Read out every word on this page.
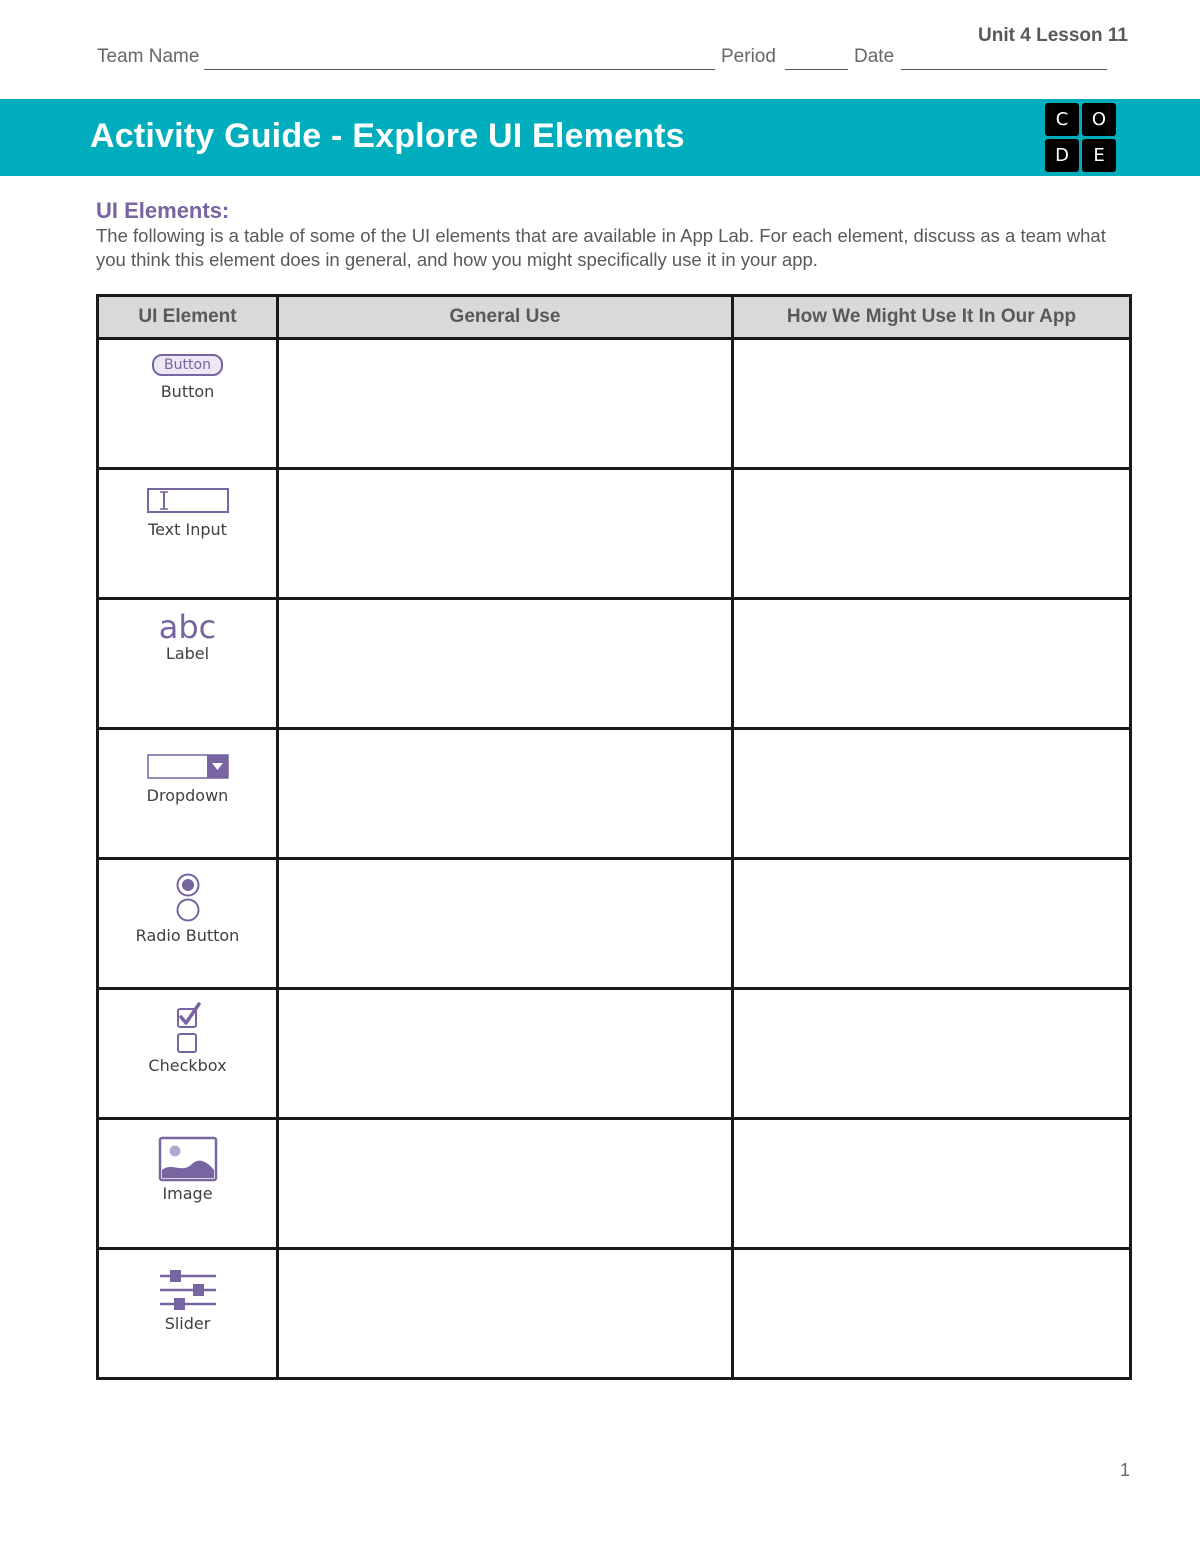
Unit 4 Lesson 11
Team Name	Period	Date
Activity Guide - Explore UI Elements	C	O
D	E
UI Elements:
The following is a table of some of the UI elements that are available in App Lab. For each element, discuss as a team what you think this element does in general, and how you might specifically use it in your app.
UI Element	General Use	How We Might Use It In Our App

Button
Button		

Text Input		

abc
Label		

Dropdown		

Radio Button		

Checkbox		

Image		

Slider		

1
